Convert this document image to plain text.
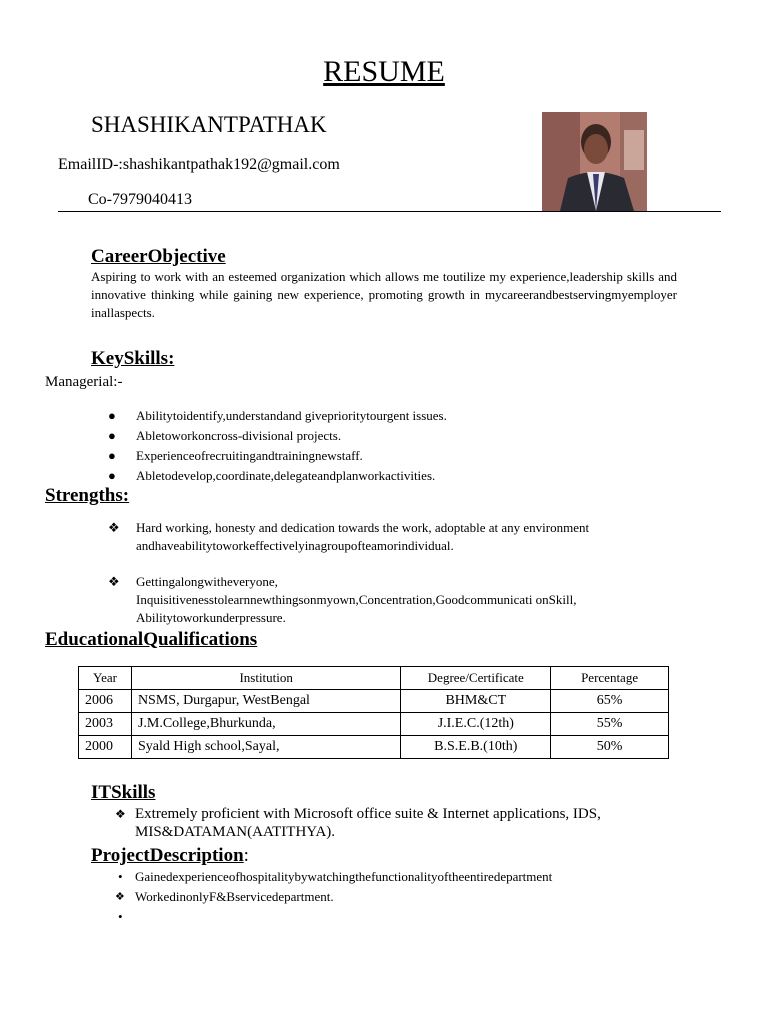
RESUME
SHASHIKANTPATHAK
EmailID-:shashikantpathak192@gmail.com
Co-7979040413
CareerObjective
Aspiring to work with an esteemed organization which allows me toutilize my experience,leadership skills and innovative thinking while gaining new experience, promoting growth in mycareerandbestservingmyemployer inallaspects.
KeySkills:
Managerial:-
● Abilitytoidentify,understandand givepriorityto​urgent issues.
● Abletoworkoncross-divisional projects.
● Experienceofrecruitingandtrainingnewstaff.
● Abletodevelop,coordinate,delegateandplanworkactivities.
Strengths:
❖ Hard working, honesty and dedication towards the work, adoptable at any environment andhaveabilitytoworkeffectivelyinagroupofteamorindividual.
❖ Gettingalongwitheveryone, Inquisitivenesstolearnnewthingsonmyown,Concentration,Goodcommunicati onSkill, Abilitytoworkunderpressure.
EducationalQualifications
Year	Institution	Degree/Certificate	Percentage
2006	NSMS, Durgapur, WestBengal	BHM&CT	65%
2003	J.M.College,Bhurkunda,	J.I.E.C.(12th)	55%
2000	Syald High school,Sayal,	B.S.E.B.(10th)	50%
ITSkills
❖ Extremely proficient with Microsoft office suite & Internet applications, IDS, MIS&DATAMAN(AATITHYA).
ProjectDescription:
• Gainedexperienceofhospitalitybywatchingthefunctionalityoftheentiredepartment
❖ WorkedinonlyF&Bservicedepartment.
•
